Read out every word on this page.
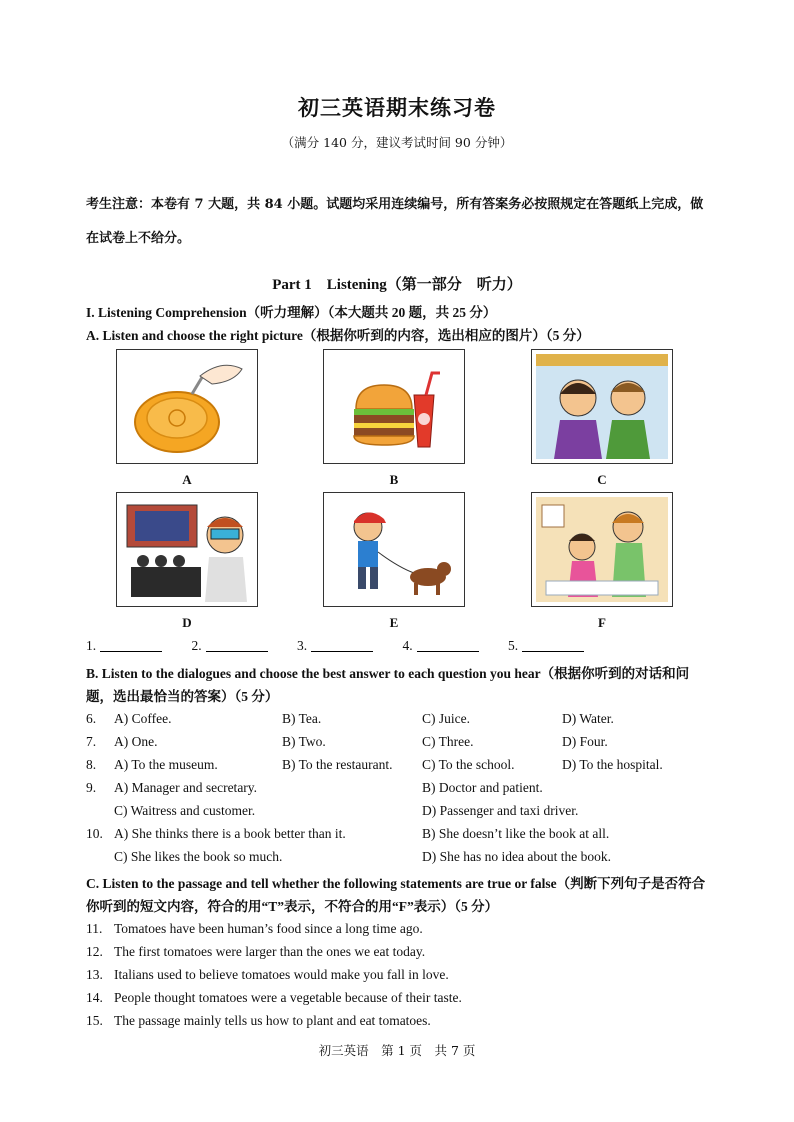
初三英语期末练习卷
（满分 140 分，建议考试时间 90 分钟）
考生注意：本卷有 7 大题，共 84 小题。试题均采用连续编号，所有答案务必按照规定在答题纸上完成，做在试卷上不给分。
Part 1　Listening（第一部分　听力）
I. Listening Comprehension（听力理解）（本大题共 20 题，共 25 分）
A. Listen and choose the right picture（根据你听到的内容，选出相应的图片）（5 分）
A	B	C
D	E	F
1.	2.	3.	4.	5.
B. Listen to the dialogues and choose the best answer to each question you hear（根据你听到的对话和问题，选出最恰当的答案）（5 分）
6. A) Coffee.	B) Tea.	C) Juice.	D) Water.
7. A) One.	B) Two.	C) Three.	D) Four.
8. A) To the museum.	B) To the restaurant. C) To the school.	D) To the hospital.
9. A) Manager and secretary.	B) Doctor and patient.
C) Waitress and customer.	D) Passenger and taxi driver.
10. A) She thinks there is a book better than it.	B) She doesn’t like the book at all.
C) She likes the book so much.	D) She has no idea about the book.
C. Listen to the passage and tell whether the following statements are true or false（判断下列句子是否符合你听到的短文内容，符合的用“T”表示，不符合的用“F”表示）（5 分）
11. Tomatoes have been human’s food since a long time ago.
12. The first tomatoes were larger than the ones we eat today.
13. Italians used to believe tomatoes would make you fall in love.
14. People thought tomatoes were a vegetable because of their taste.
15. The passage mainly tells us how to plant and eat tomatoes.
初三英语　第 1 页　共 7 页
